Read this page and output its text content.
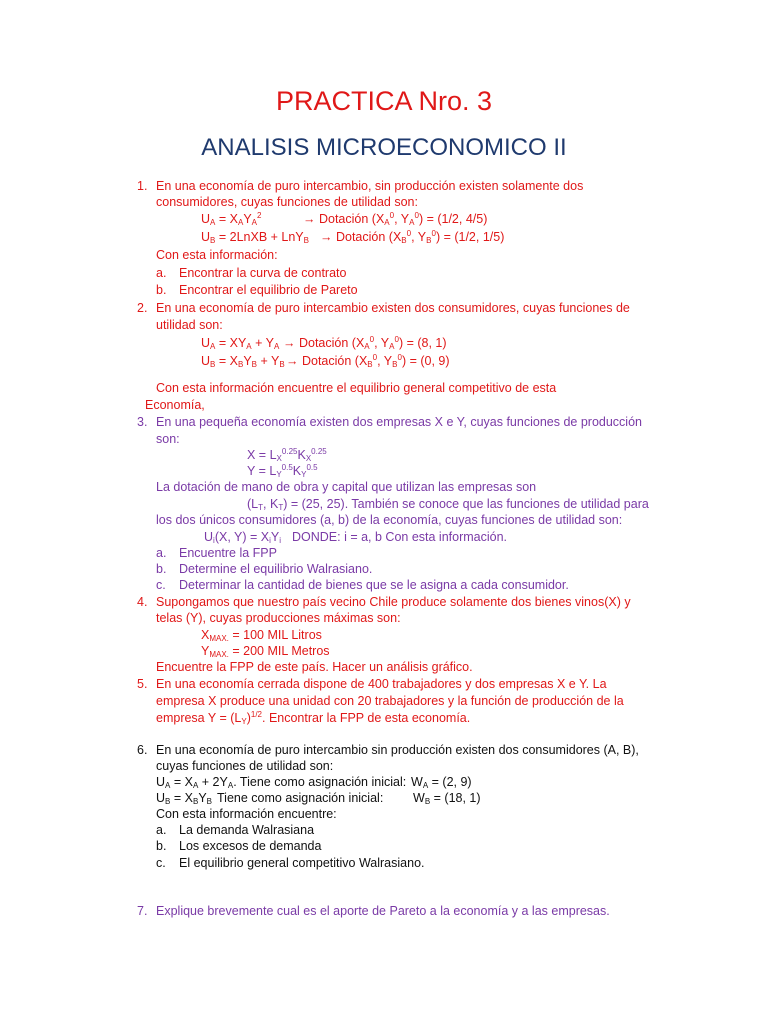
PRACTICA Nro. 3
ANALISIS MICROECONOMICO II
1. En una economía de puro intercambio, sin producción existen solamente dos
consumidores, cuyas funciones de utilidad son:
$U_A = X_AY_A^2$	→ Dotación ($X_A^0$, $Y_A^0) = (1/2$, 4/5)
$U_B$ = 2LnXB + LnY$_B$ → Dotación ($X_B^0$, $Y_B^0) = (1/2$, 1/5)
Con esta información:
a. Encontrar la curva de contrato
b. Encontrar el equilibrio de Pareto
2. En una economía de puro intercambio existen dos consumidores, cuyas funciones de
utilidad son:
$U_A = XY_A + Y_A$ → Dotación ($X_A^0$, $Y_A^0) = (8$, 1)
$U_B = X_BY_B + Y_B$ → Dotación ($X_B^0$, $Y_B^0) = (0$, 9)
Con esta información encuentre el equilibrio general competitivo de esta
Economía,
3. En una pequeña economía existen dos empresas X e Y, cuyas funciones de producción
son:
$X = L_X^{0.25}K_X^{0.25}$
$Y = L_Y^{0.5}K_Y^{0.5}$
La dotación de mano de obra y capital que utilizan las empresas son
($L_T$, $K_T) = (25$, 25). También se conoce que las funciones de utilidad para
los dos únicos consumidores (a, b) de la economía, cuyas funciones de utilidad son:
$U_i(X$, $Y) = X_iY_i$ DONDE: i = a, b Con esta información.
a. Encuentre la FPP
b. Determine el equilibrio Walrasiano.
c. Determinar la cantidad de bienes que se le asigna a cada consumidor.
4. Supongamos que nuestro país vecino Chile produce solamente dos bienes vinos(X) y
telas (Y), cuyas producciones máximas son:
$X_{MAX.} = 100$ MIL Litros
$Y_{MAX.} = 200$ MIL Metros
Encuentre la FPP de este país. Hacer un análisis gráfico.
5. En una economía cerrada dispone de 400 trabajadores y dos empresas X e Y. La
empresa X produce una unidad con 20 trabajadores y la función de producción de la
empresa $Y = (L_Y)^{1/2}$. Encontrar la FPP de esta economía.
6. En una economía de puro intercambio sin producción existen dos consumidores (A, B),
cuyas funciones de utilidad son:
$U_A = X_A + 2Y_A$. Tiene como asignación inicial: $W_A = (2$, 9)
$U_B = X_BY_B$ Tiene como asignación inicial: $W_B = (18$, 1)
Con esta información encuentre:
a. La demanda Walrasiana
b. Los excesos de demanda
c. El equilibrio general competitivo Walrasiano.
7. Explique brevemente cual es el aporte de Pareto a la economía y a las empresas.
